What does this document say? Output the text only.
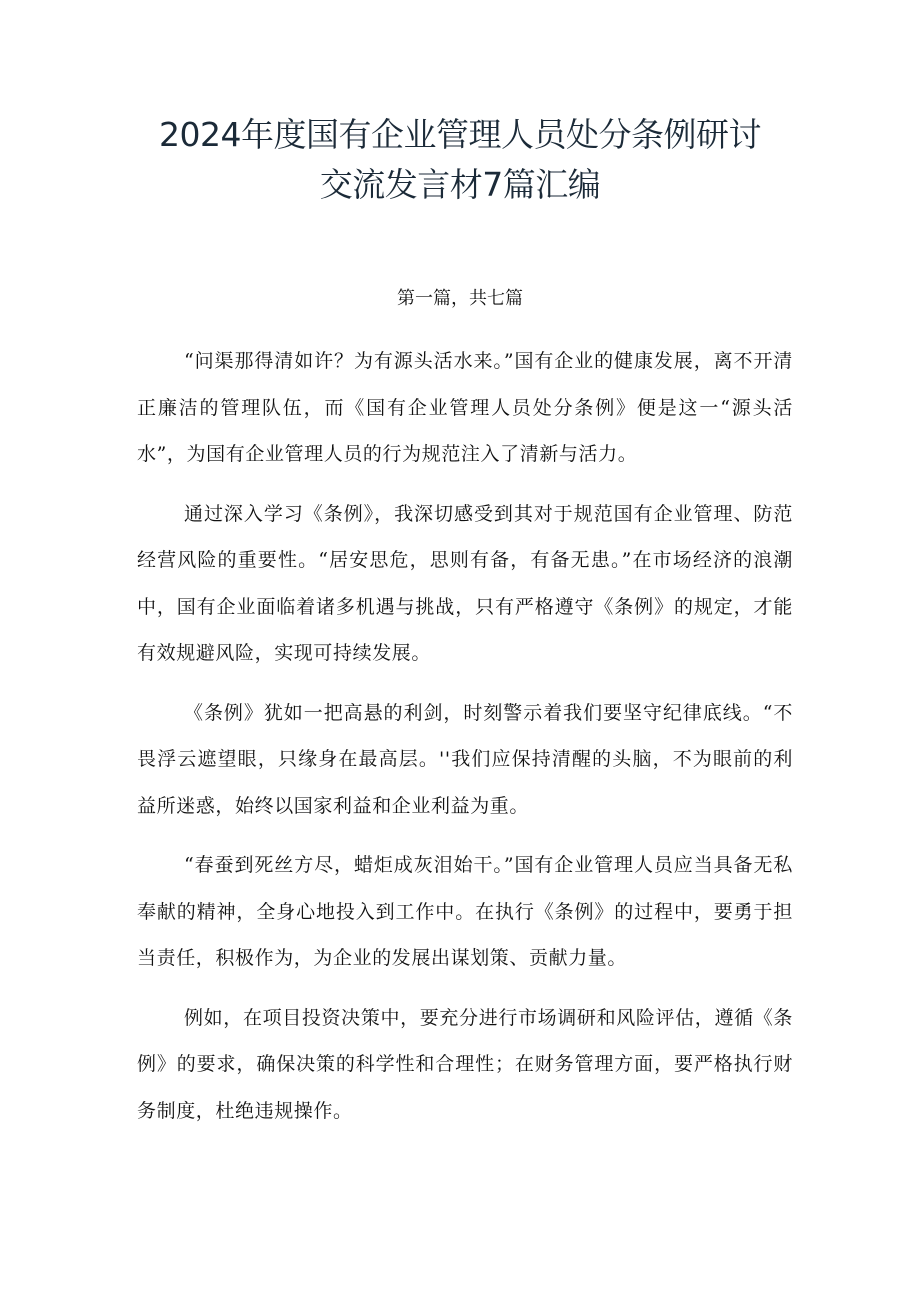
2024年度国有企业管理人员处分条例研讨
交流发言材7篇汇编
第一篇，共七篇

“问渠那得清如许？为有源头活水来。”国有企业的健康发展，离不开清正廉洁的管理队伍，而《国有企业管理人员处分条例》便是这一“源头活水”，为国有企业管理人员的行为规范注入了清新与活力。

通过深入学习《条例》，我深切感受到其对于规范国有企业管理、防范经营风险的重要性。“居安思危，思则有备，有备无患。”在市场经济的浪潮中，国有企业面临着诸多机遇与挑战，只有严格遵守《条例》的规定，才能有效规避风险，实现可持续发展。

《条例》犹如一把高悬的利剑，时刻警示着我们要坚守纪律底线。“不畏浮云遮望眼，只缘身在最高层。''我们应保持清醒的头脑，不为眼前的利益所迷惑，始终以国家利益和企业利益为重。

“春蚕到死丝方尽，蜡炬成灰泪始干。”国有企业管理人员应当具备无私奉献的精神，全身心地投入到工作中。在执行《条例》的过程中，要勇于担当责任，积极作为，为企业的发展出谋划策、贡献力量。

例如，在项目投资决策中，要充分进行市场调研和风险评估，遵循《条例》的要求，确保决策的科学性和合理性；在财务管理方面，要严格执行财务制度，杜绝违规操作。
